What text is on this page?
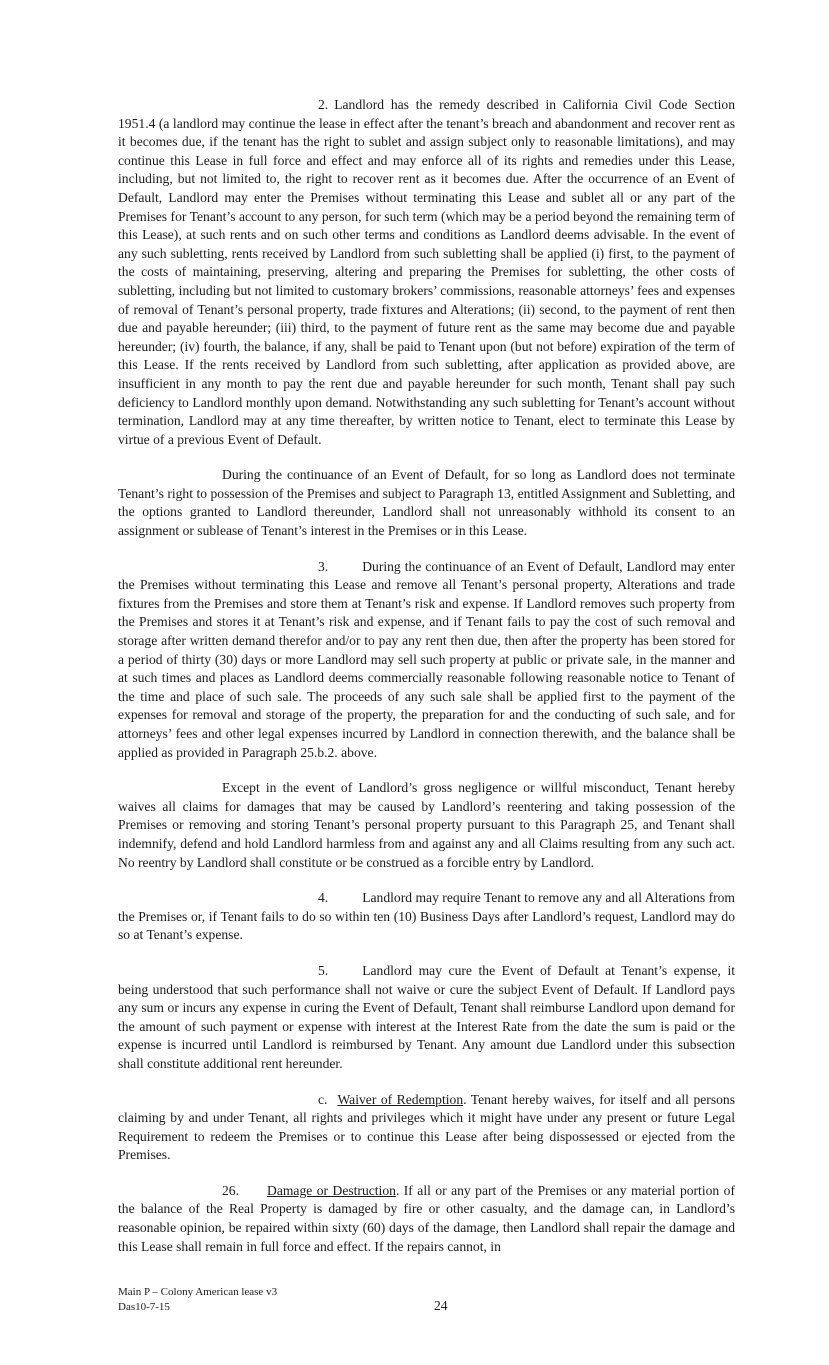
2. Landlord has the remedy described in California Civil Code Section 1951.4 (a landlord may continue the lease in effect after the tenant’s breach and abandonment and recover rent as it becomes due, if the tenant has the right to sublet and assign subject only to reasonable limitations), and may continue this Lease in full force and effect and may enforce all of its rights and remedies under this Lease, including, but not limited to, the right to recover rent as it becomes due. After the occurrence of an Event of Default, Landlord may enter the Premises without terminating this Lease and sublet all or any part of the Premises for Tenant’s account to any person, for such term (which may be a period beyond the remaining term of this Lease), at such rents and on such other terms and conditions as Landlord deems advisable. In the event of any such subletting, rents received by Landlord from such subletting shall be applied (i) first, to the payment of the costs of maintaining, preserving, altering and preparing the Premises for subletting, the other costs of subletting, including but not limited to customary brokers’ commissions, reasonable attorneys’ fees and expenses of removal of Tenant’s personal property, trade fixtures and Alterations; (ii) second, to the payment of rent then due and payable hereunder; (iii) third, to the payment of future rent as the same may become due and payable hereunder; (iv) fourth, the balance, if any, shall be paid to Tenant upon (but not before) expiration of the term of this Lease. If the rents received by Landlord from such subletting, after application as provided above, are insufficient in any month to pay the rent due and payable hereunder for such month, Tenant shall pay such deficiency to Landlord monthly upon demand. Notwithstanding any such subletting for Tenant’s account without termination, Landlord may at any time thereafter, by written notice to Tenant, elect to terminate this Lease by virtue of a previous Event of Default.

During the continuance of an Event of Default, for so long as Landlord does not terminate Tenant’s right to possession of the Premises and subject to Paragraph 13, entitled Assignment and Subletting, and the options granted to Landlord thereunder, Landlord shall not unreasonably withhold its consent to an assignment or sublease of Tenant’s interest in the Premises or in this Lease.

3.	During the continuance of an Event of Default, Landlord may enter the Premises without terminating this Lease and remove all Tenant’s personal property, Alterations and trade fixtures from the Premises and store them at Tenant’s risk and expense. If Landlord removes such property from the Premises and stores it at Tenant’s risk and expense, and if Tenant fails to pay the cost of such removal and storage after written demand therefor and/or to pay any rent then due, then after the property has been stored for a period of thirty (30) days or more Landlord may sell such property at public or private sale, in the manner and at such times and places as Landlord deems commercially reasonable following reasonable notice to Tenant of the time and place of such sale. The proceeds of any such sale shall be applied first to the payment of the expenses for removal and storage of the property, the preparation for and the conducting of such sale, and for attorneys’ fees and other legal expenses incurred by Landlord in connection therewith, and the balance shall be applied as provided in Paragraph 25.b.2. above.

Except in the event of Landlord’s gross negligence or willful misconduct, Tenant hereby waives all claims for damages that may be caused by Landlord’s reentering and taking possession of the Premises or removing and storing Tenant’s personal property pursuant to this Paragraph 25, and Tenant shall indemnify, defend and hold Landlord harmless from and against any and all Claims resulting from any such act. No reentry by Landlord shall constitute or be construed as a forcible entry by Landlord.

4.	Landlord may require Tenant to remove any and all Alterations from the Premises or, if Tenant fails to do so within ten (10) Business Days after Landlord’s request, Landlord may do so at Tenant’s expense.

5.	Landlord may cure the Event of Default at Tenant’s expense, it being understood that such performance shall not waive or cure the subject Event of Default. If Landlord pays any sum or incurs any expense in curing the Event of Default, Tenant shall reimburse Landlord upon demand for the amount of such payment or expense with interest at the Interest Rate from the date the sum is paid or the expense is incurred until Landlord is reimbursed by Tenant. Any amount due Landlord under this subsection shall constitute additional rent hereunder.

c. Waiver of Redemption. Tenant hereby waives, for itself and all persons claiming by and under Tenant, all rights and privileges which it might have under any present or future Legal Requirement to redeem the Premises or to continue this Lease after being dispossessed or ejected from the Premises.

26. Damage or Destruction. If all or any part of the Premises or any material portion of the balance of the Real Property is damaged by fire or other casualty, and the damage can, in Landlord’s reasonable opinion, be repaired within sixty (60) days of the damage, then Landlord shall repair the damage and this Lease shall remain in full force and effect. If the repairs cannot, in

Main P – Colony American lease v3
Das10-7-15	24
